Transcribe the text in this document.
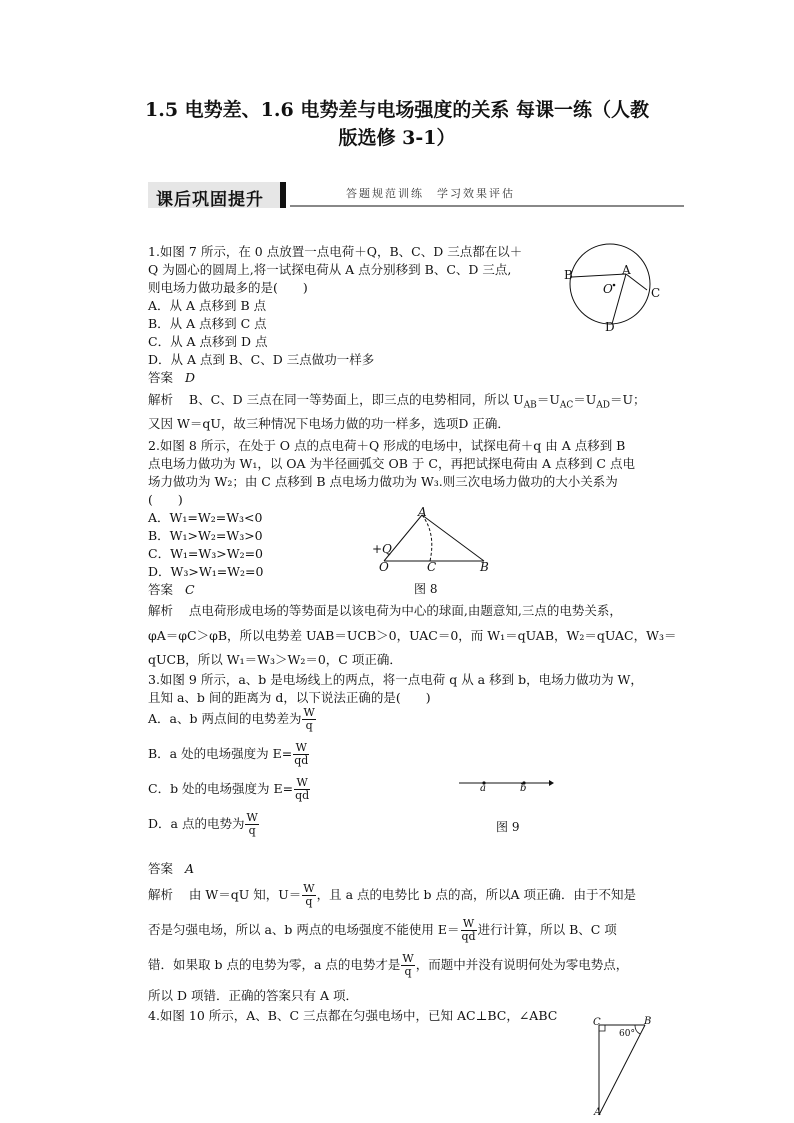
1.5 电势差、1.6 电势差与电场强度的关系 每课一练（人教
版选修 3-1）
课后巩固提升	答题规范训练　学习效果评估
1.如图 7 所示，在 0 点放置一点电荷＋Q，B、C、D 三点都在以＋
Q 为圆心的圆周上,将一试探电荷从 A 点分别移到 B、C、D 三点,
则电场力做功最多的是(　　)
A．从 A 点移到 B 点
B．从 A 点移到 C 点
C．从 A 点移到 D 点
D．从 A 点到 B、C、D 三点做功一样多
答案 D
解析 B、C、D 三点在同一等势面上，即三点的电势相同，所以 $U_{AB}=U_{AC}=U_{AD}=U$；
又因 W＝qU，故三种情况下电场力做的功一样多，选项D 正确．
B	A
C
D
O
2.如图 8 所示，在处于 O 点的点电荷＋Q 形成的电场中，试探电荷＋q 由 A 点移到 B
点电场力做功为 W₁，以 OA 为半径画弧交 OB 于 C，再把试探电荷由 A 点移到 C 点电
场力做功为 W₂；由 C 点移到 B 点电场力做功为 W₃.则三次电场力做功的大小关系为
(　　)
A．W₁=W₂=W₃<0
B．W₁>W₂=W₃>0
C．W₁=W₃>W₂=0
D．W₃>W₁=W₂=0
答案 C
A
+Q
O	C	B
图 8
解析 点电荷形成电场的等势面是以该电荷为中心的球面,由题意知,三点的电势关系，
φA＝φC＞φB，所以电势差 UAB＝UCB＞0，UAC＝0，而 W₁＝qUAB，W₂＝qUAC，W₃＝
qUCB，所以 W₁＝W₃＞W₂＝0，C 项正确．
3.如图 9 所示，a、b 是电场线上的两点，将一点电荷 q 从 a 移到 b，电场力做功为 W，
且知 a、b 间的距离为 d，以下说法正确的是(　　)
A．a、b 两点间的电势差为 $\frac{W}{q}$
B．a 处的电场强度为 $E= \frac{W}{qd}$
C．b 处的电场强度为 $E= \frac{W}{qd}$
D．a 点的电势为 $\frac{W}{q}$
a	b
图 9
答案 A
解析 由 W＝qU 知，$U= \frac{W}{q}$ ，且 a 点的电势比 b 点的高，所以A 项正确．由于不知是
否是匀强电场，所以 a、b 两点的电场强度不能使用 $E= \frac{W}{qd}$ 进行计算，所以 B、C 项
错．如果取 b 点的电势为零，a 点的电势才是 $\frac{W}{q}$ ，而题中并没有说明何处为零电势点，
所以 D 项错．正确的答案只有 A 项．
4.如图 10 所示，A、B、C 三点都在匀强电场中，已知 AC⊥BC，∠ABC	C	B
60°
A
